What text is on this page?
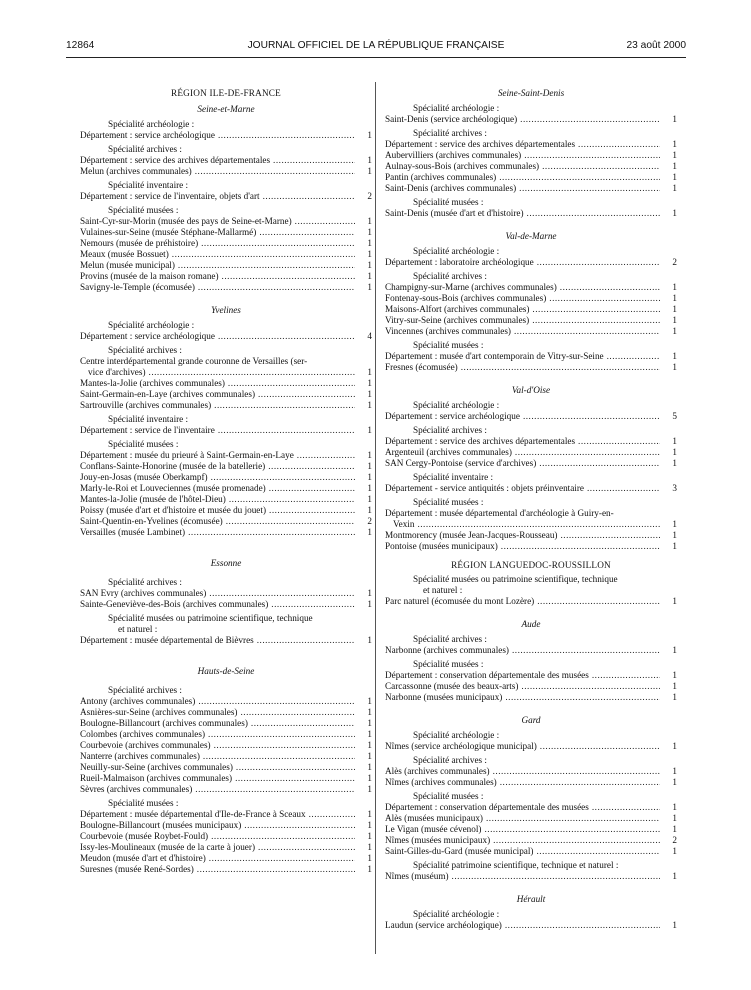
12864	JOURNAL OFFICIEL DE LA RÉPUBLIQUE FRANÇAISE	23 août 2000
RÉGION ILE-DE-FRANCE
Seine-et-Marne
Spécialité archéologie :
Département : service archéologique .....	1
Spécialité archives :
Département : service des archives départementales .....	1
Melun (archives communales) .....	1
Spécialité inventaire :
Département : service de l'inventaire, objets d'art .....	2
Spécialité musées :
Saint-Cyr-sur-Morin (musée des pays de Seine-et-Marne) .....	1
Vulaines-sur-Seine (musée Stéphane-Mallarmé) .....	1
Nemours (musée de préhistoire) .....	1
Meaux (musée Bossuet) .....	1
Melun (musée municipal) .....	1
Provins (musée de la maison romane) .....	1
Savigny-le-Temple (écomusée) .....	1
Yvelines
Spécialité archéologie :
Département : service archéologique .....	4
Spécialité archives :
Centre interdépartemental grande couronne de Versailles (ser-
vice d'archives) .....	1
Mantes-la-Jolie (archives communales) .....	1
Saint-Germain-en-Laye (archives communales) .....	1
Sartrouville (archives communales) .....	1
Spécialité inventaire :
Département : service de l'inventaire .....	1
Spécialité musées :
Département : musée du prieuré à Saint-Germain-en-Laye .....	1
Conflans-Sainte-Honorine (musée de la batellerie) .....	1
Jouy-en-Josas (musée Oberkampf) .....	1
Marly-le-Roi et Louveciennes (musée promenade) .....	1
Mantes-la-Jolie (musée de l'hôtel-Dieu) .....	1
Poissy (musée d'art et d'histoire et musée du jouet) .....	1
Saint-Quentin-en-Yvelines (écomusée) .....	2
Versailles (musée Lambinet) .....	1
Essonne
Spécialité archives :
SAN Evry (archives communales) .....	1
Sainte-Geneviève-des-Bois (archives communales) .....	1
Spécialité musées ou patrimoine scientifique, technique
et naturel :
Département : musée départemental de Bièvres .....	1
Hauts-de-Seine
Spécialité archives :
Antony (archives communales) .....	1
Asnières-sur-Seine (archives communales) .....	1
Boulogne-Billancourt (archives communales) .....	1
Colombes (archives communales) .....	1
Courbevoie (archives communales) .....	1
Nanterre (archives communales) .....	1
Neuilly-sur-Seine (archives communales) .....	1
Rueil-Malmaison (archives communales) .....	1
Sèvres (archives communales) .....	1
Spécialité musées :
Département : musée départemental d'Ile-de-France à Sceaux .....	1
Boulogne-Billancourt (musées municipaux) .....	1
Courbevoie (musée Roybet-Fould) .....	1
Issy-les-Moulineaux (musée de la carte à jouer) .....	1
Meudon (musée d'art et d'histoire) .....	1
Suresnes (musée René-Sordes) .....	1
Seine-Saint-Denis
Spécialité archéologie :
Saint-Denis (service archéologique) .....	1
Spécialité archives :
Département : service des archives départementales .....	1
Aubervilliers (archives communales) .....	1
Aulnay-sous-Bois (archives communales) .....	1
Pantin (archives communales) .....	1
Saint-Denis (archives communales) .....	1
Spécialité musées :
Saint-Denis (musée d'art et d'histoire) .....	1
Val-de-Marne
Spécialité archéologie :
Département : laboratoire archéologique .....	2
Spécialité archives :
Champigny-sur-Marne (archives communales) .....	1
Fontenay-sous-Bois (archives communales) .....	1
Maisons-Alfort (archives communales) .....	1
Vitry-sur-Seine (archives communales) .....	1
Vincennes (archives communales) .....	1
Spécialité musées :
Département : musée d'art contemporain de Vitry-sur-Seine .....	1
Fresnes (écomusée) .....	1
Val-d'Oise
Spécialité archéologie :
Département : service archéologique .....	5
Spécialité archives :
Département : service des archives départementales .....	1
Argenteuil (archives communales) .....	1
SAN Cergy-Pontoise (service d'archives) .....	1
Spécialité inventaire :
Département - service antiquités : objets préinventaire .....	3
Spécialité musées :
Département : musée départemental d'archéologie à Guiry-en-
Vexin .....	1
Montmorency (musée Jean-Jacques-Rousseau) .....	1
Pontoise (musées municipaux) .....	1
RÉGION LANGUEDOC-ROUSSILLON
Spécialité musées ou patrimoine scientifique, technique
et naturel :
Parc naturel (écomusée du mont Lozère) .....	1
Aude
Spécialité archives :
Narbonne (archives communales) .....	1
Spécialité musées :
Département : conservation départementale des musées .....	1
Carcassonne (musée des beaux-arts) .....	1
Narbonne (musées municipaux) .....	1
Gard
Spécialité archéologie :
Nîmes (service archéologique municipal) .....	1
Spécialité archives :
Alès (archives communales) .....	1
Nîmes (archives communales) .....	1
Spécialité musées :
Département : conservation départementale des musées .....	1
Alès (musées municipaux) .....	1
Le Vigan (musée cévenol) .....	1
Nîmes (musées municipaux) .....	2
Saint-Gilles-du-Gard (musée municipal) .....	1
Spécialité patrimoine scientifique, technique et naturel :
Nîmes (muséum) .....	1
Hérault
Spécialité archéologie :
Laudun (service archéologique) .....	1
